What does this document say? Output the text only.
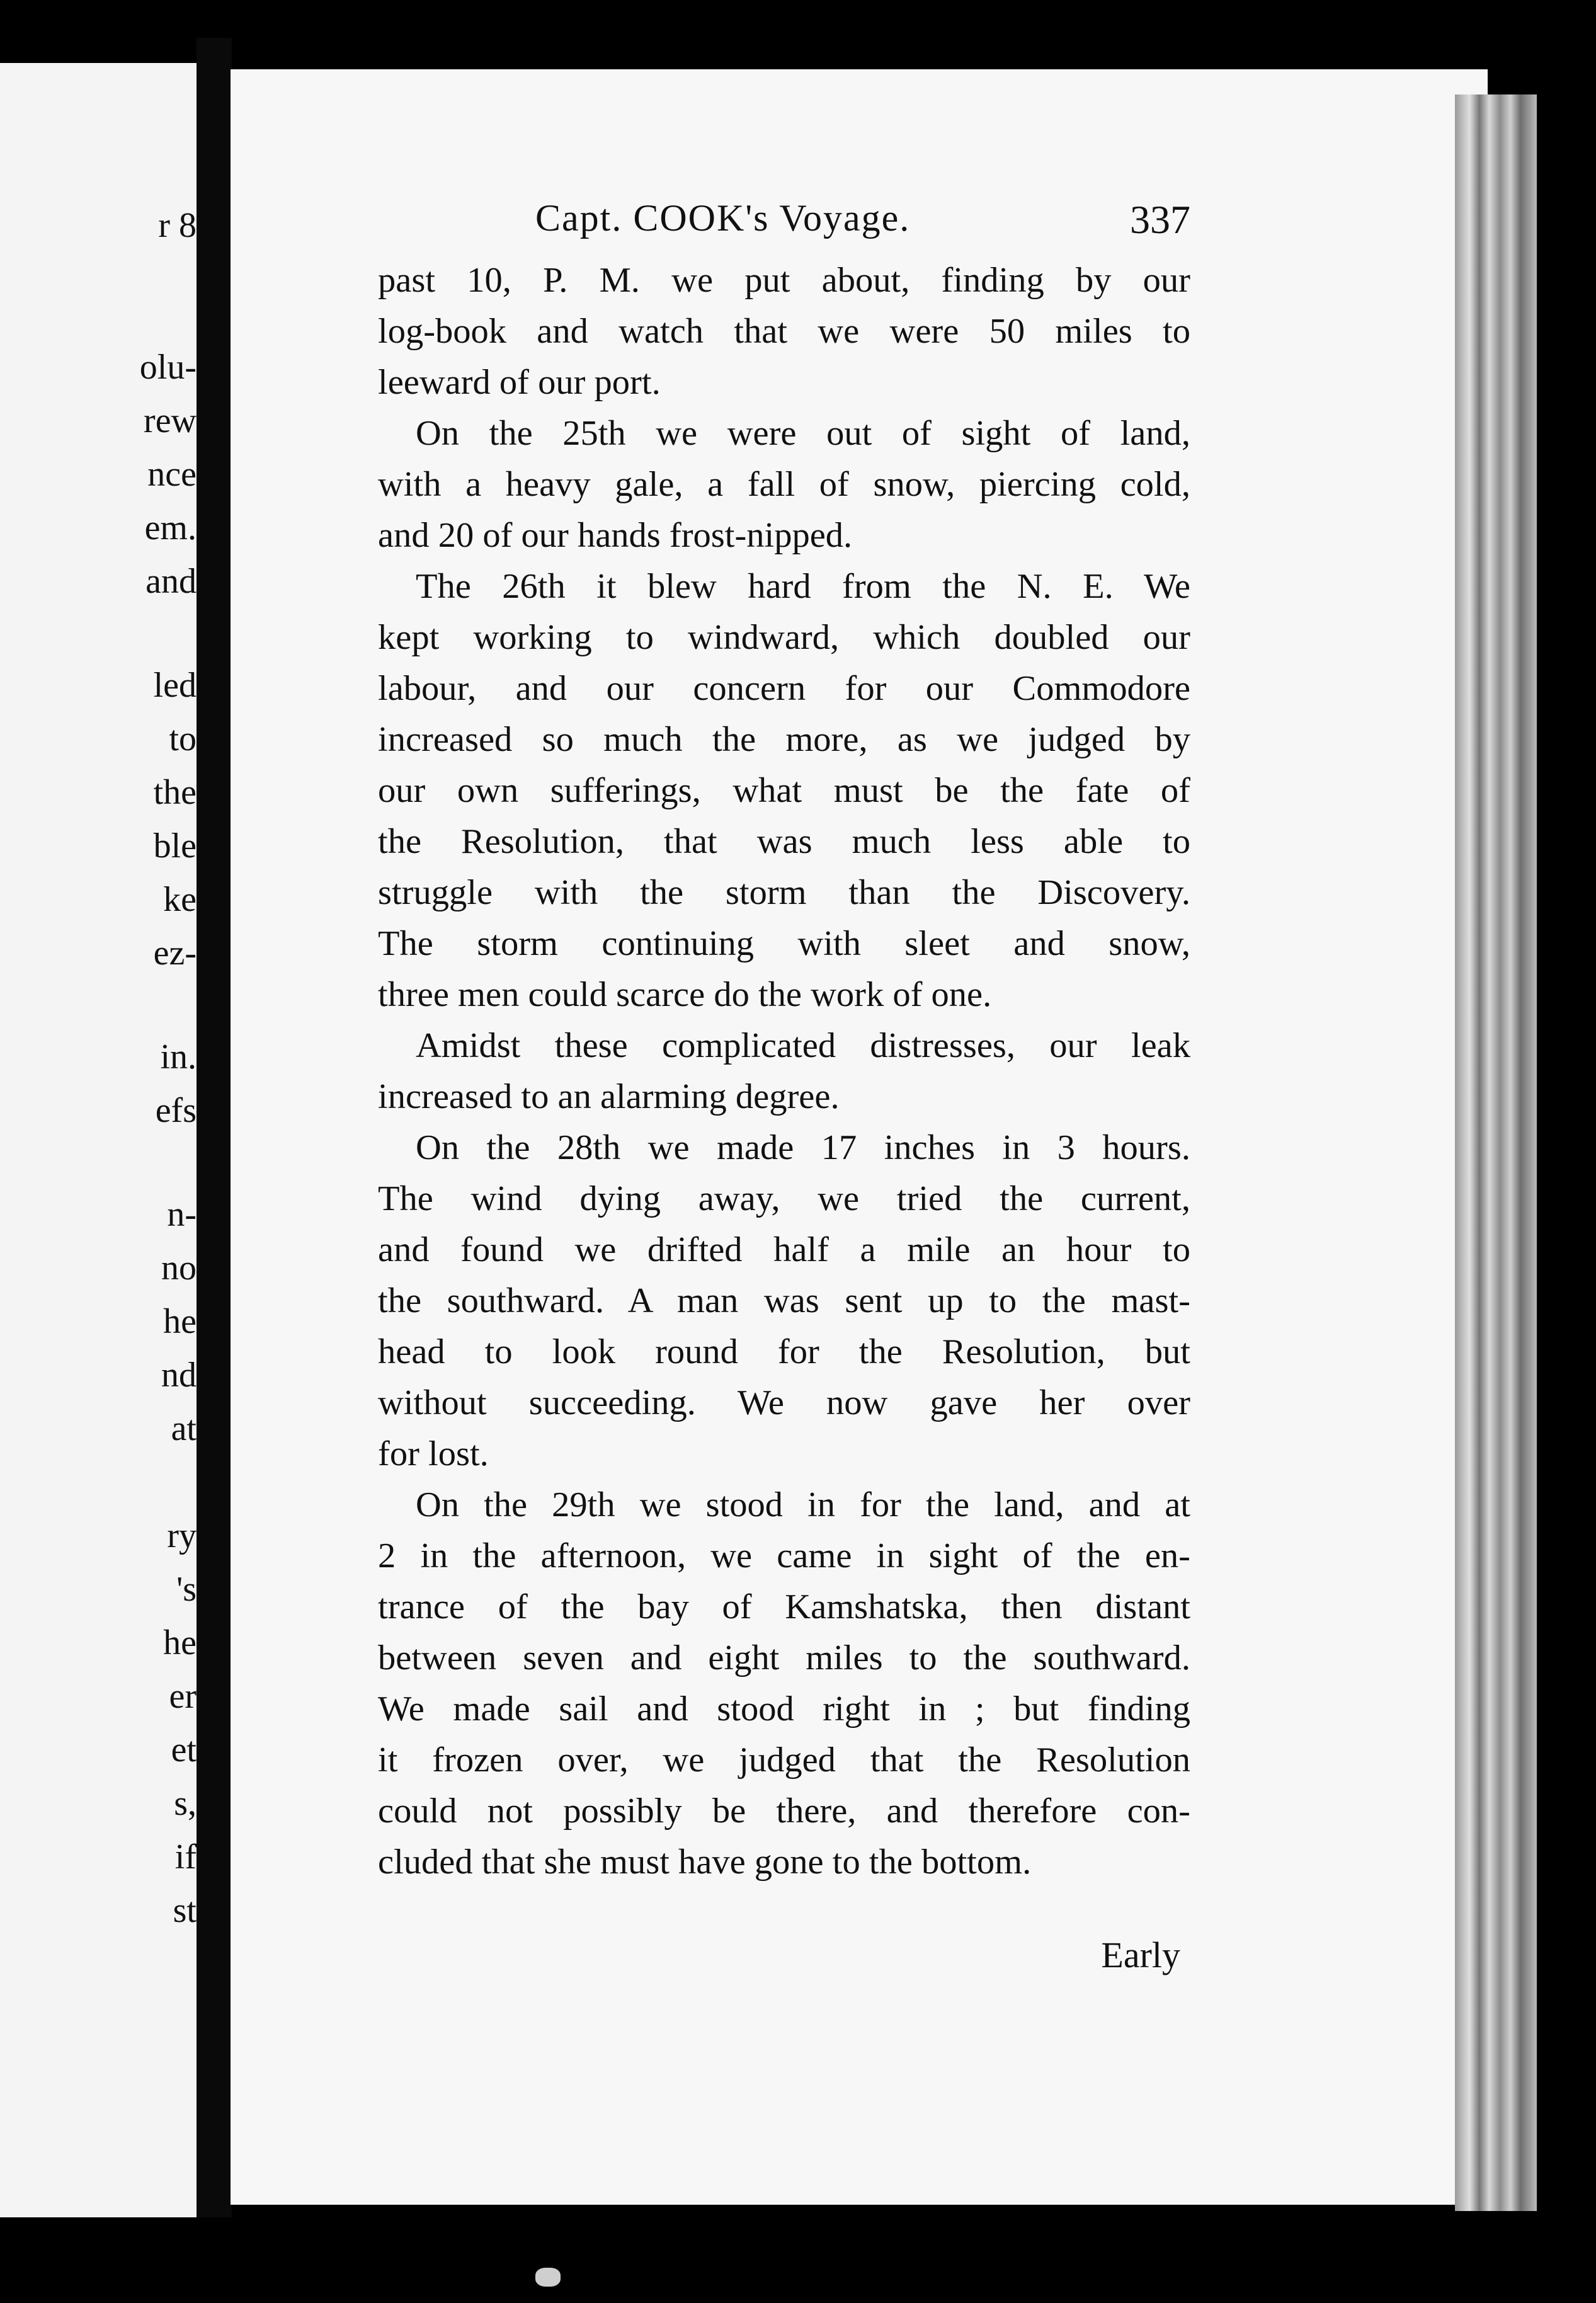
r 8
olu-
rew
nce
em.
and
led
to
the
ble
ke
ez-
in.
efs
n-
no
he
nd
at
ry
's
he
er
et
s,
if
st
Capt. COOK's Voyage.	337
past 10, P. M. we put about, finding by our
log-book and watch that we were 50 miles to
leeward of our port.
On the 25th we were out of sight of land,
with a heavy gale, a fall of snow, piercing cold,
and 20 of our hands frost-nipped.
The 26th it blew hard from the N. E. We
kept working to windward, which doubled our
labour, and our concern for our Commodore
increased so much the more, as we judged by
our own sufferings, what must be the fate of
the Resolution, that was much less able to
struggle with the storm than the Discovery.
The storm continuing with sleet and snow,
three men could scarce do the work of one.
Amidst these complicated distresses, our leak
increased to an alarming degree.
On the 28th we made 17 inches in 3 hours.
The wind dying away, we tried the current,
and found we drifted half a mile an hour to
the southward. A man was sent up to the mast-
head to look round for the Resolution, but
without succeeding. We now gave her over
for lost.
On the 29th we stood in for the land, and at
2 in the afternoon, we came in sight of the en-
trance of the bay of Kamshatska, then distant
between seven and eight miles to the southward.
We made sail and stood right in ; but finding
it frozen over, we judged that the Resolution
could not possibly be there, and therefore con-
cluded that she must have gone to the bottom.
Early
